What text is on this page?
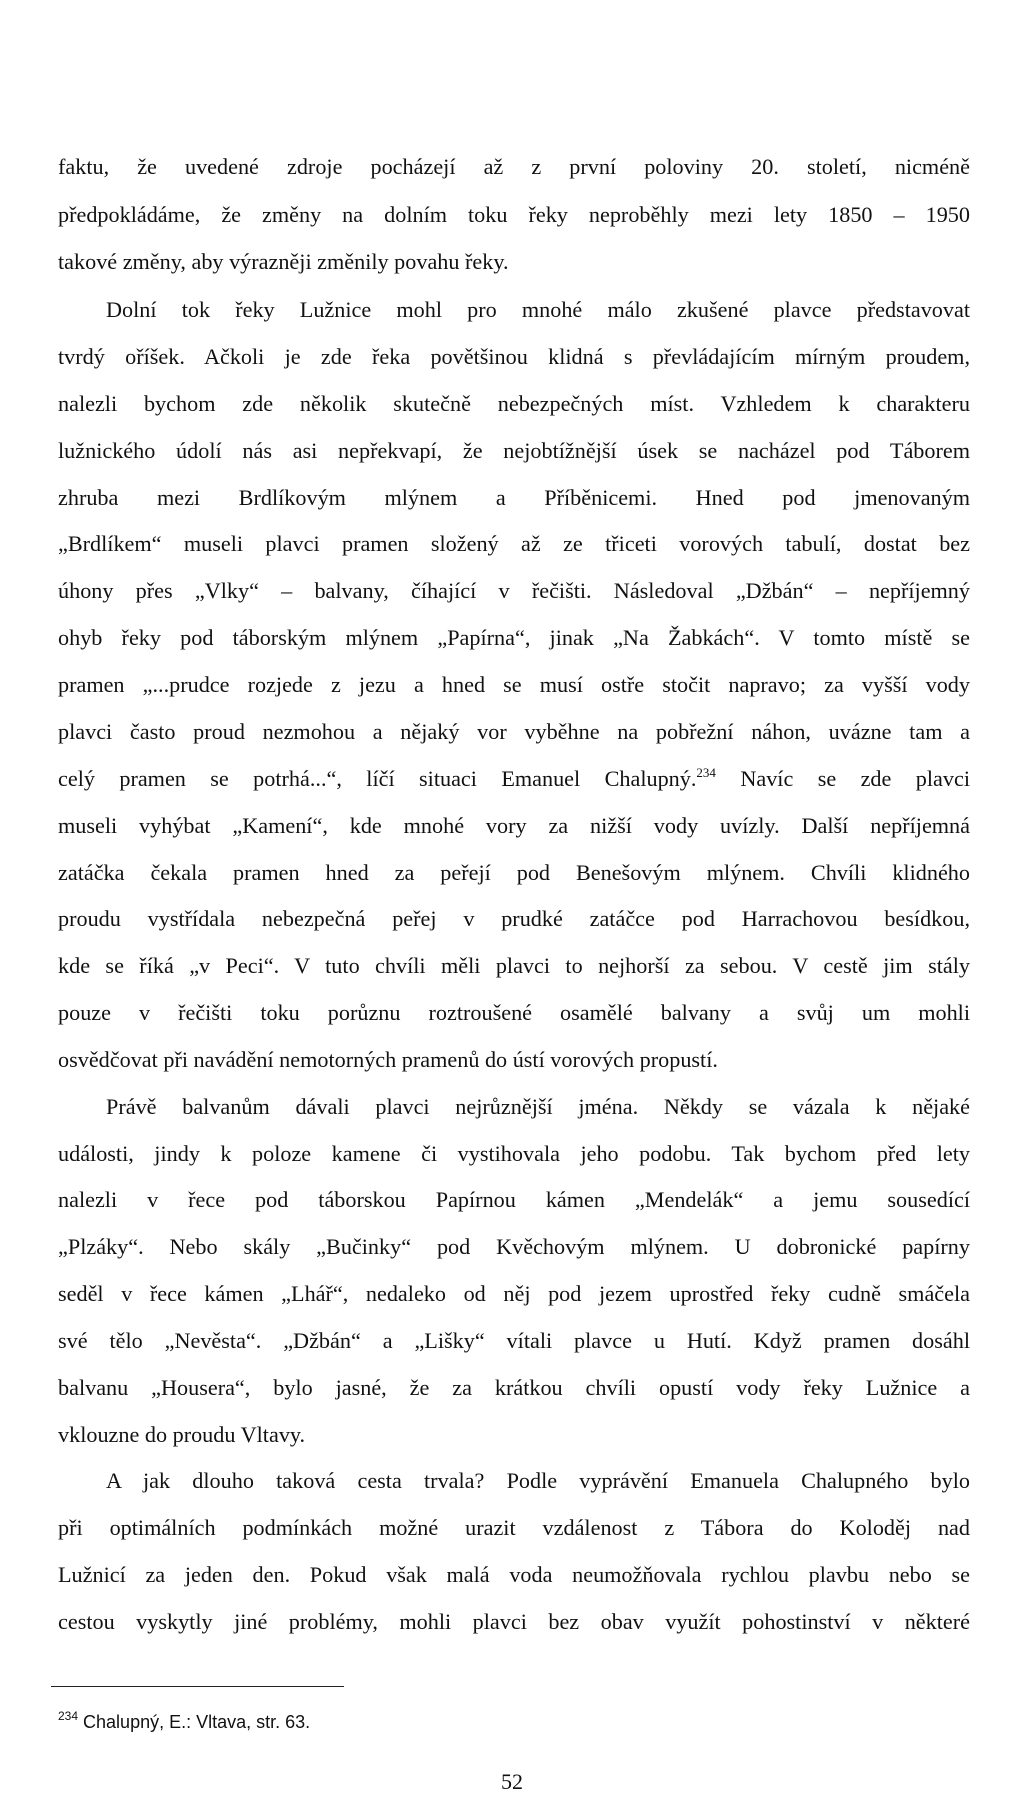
faktu, že uvedené zdroje pocházejí až z první poloviny 20. století, nicméně
předpokládáme, že změny na dolním toku řeky neproběhly mezi lety 1850 – 1950
takové změny, aby výrazněji změnily povahu řeky.
Dolní tok řeky Lužnice mohl pro mnohé málo zkušené plavce představovat
tvrdý oříšek. Ačkoli je zde řeka povětšinou klidná s převládajícím mírným proudem,
nalezli bychom zde několik skutečně nebezpečných míst. Vzhledem k charakteru
lužnického údolí nás asi nepřekvapí, že nejobtížnější úsek se nacházel pod Táborem
zhruba mezi Brdlíkovým mlýnem a Příběnicemi. Hned pod jmenovaným
„Brdlíkem“ museli plavci pramen složený až ze třiceti vorových tabulí, dostat bez
úhony přes „Vlky“ – balvany, číhající v řečišti. Následoval „Džbán“ – nepříjemný
ohyb řeky pod táborským mlýnem „Papírna“, jinak „Na Žabkách“. V tomto místě se
pramen „...prudce rozjede z jezu a hned se musí ostře stočit napravo; za vyšší vody
plavci často proud nezmohou a nějaký vor vyběhne na pobřežní náhon, uvázne tam a
celý pramen se potrhá...“, líčí situaci Emanuel Chalupný.$^{234}$ Navíc se zde plavci
museli vyhýbat „Kamení“, kde mnohé vory za nižší vody uvízly. Další nepříjemná
zatáčka čekala pramen hned za peřejí pod Benešovým mlýnem. Chvíli klidného
proudu vystřídala nebezpečná peřej v prudké zatáčce pod Harrachovou besídkou,
kde se říká „v Peci“. V tuto chvíli měli plavci to nejhorší za sebou. V cestě jim stály
pouze v řečišti toku porůznu roztroušené osamělé balvany a svůj um mohli
osvědčovat při navádění nemotorných pramenů do ústí vorových propustí.
Právě balvanům dávali plavci nejrůznější jména. Někdy se vázala k nějaké
události, jindy k poloze kamene či vystihovala jeho podobu. Tak bychom před lety
nalezli v řece pod táborskou Papírnou kámen „Mendelák“ a jemu sousedící
„Plzáky“. Nebo skály „Bučinky“ pod Kvěchovým mlýnem. U dobronické papírny
seděl v řece kámen „Lhář“, nedaleko od něj pod jezem uprostřed řeky cudně smáčela
své tělo „Nevěsta“. „Džbán“ a „Lišky“ vítali plavce u Hutí. Když pramen dosáhl
balvanu „Housera“, bylo jasné, že za krátkou chvíli opustí vody řeky Lužnice a
vklouzne do proudu Vltavy.
A jak dlouho taková cesta trvala? Podle vyprávění Emanuela Chalupného bylo
při optimálních podmínkách možné urazit vzdálenost z Tábora do Koloděj nad
Lužnicí za jeden den. Pokud však malá voda neumožňovala rychlou plavbu nebo se
cestou vyskytly jiné problémy, mohli plavci bez obav využít pohostinství v některé
$^{234}$ Chalupný, E.: Vltava, str. 63.
52
